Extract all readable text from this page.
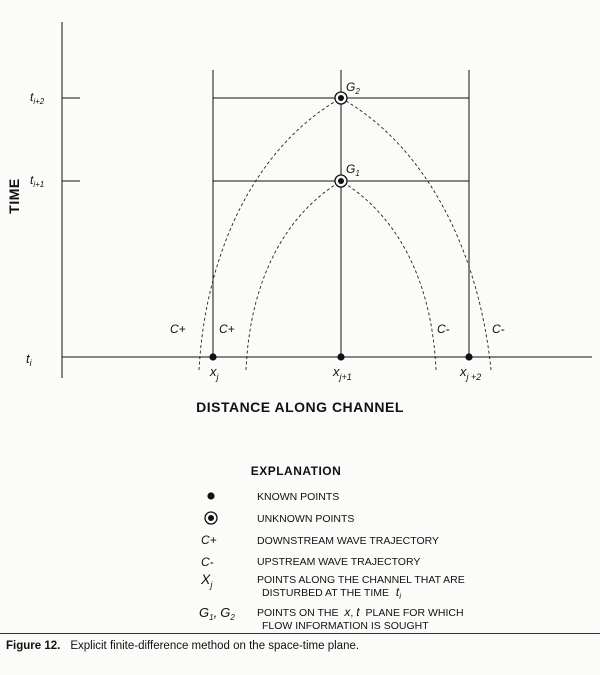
$G_2$
$G_1$
$t_{i+2}$
$t_{i+1}$
$t_i$
TIME
$x_j$	$x_{j+1}$	$x_{j +2}$
C+	C+	C-	C-
DISTANCE ALONG CHANNEL
EXPLANATION
KNOWN POINTS
UNKNOWN POINTS
C+	DOWNSTREAM WAVE TRAJECTORY
C-	UPSTREAM WAVE TRAJECTORY
$X_j$	POINTS ALONG THE CHANNEL THAT ARE
DISTURBED AT THE TIME $t_i$
$G_1$, $G_2$ POINTS ON THE x, t PLANE FOR WHICH
FLOW INFORMATION IS SOUGHT
Figure 12. Explicit finite-difference method on the space-time plane.
